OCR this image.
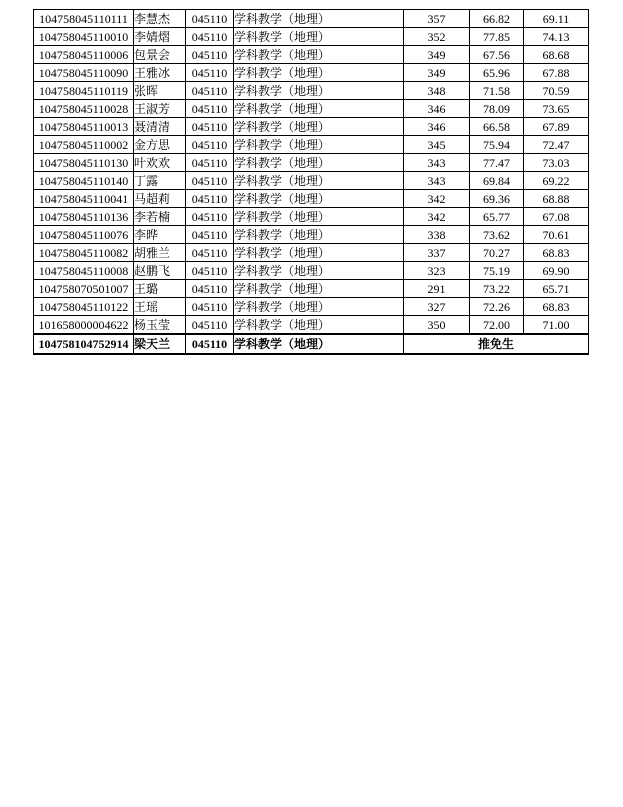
104758045110111	李慧杰	045110	学科教学（地理）	357	66.82	69.11
104758045110010	李婧熠	045110	学科教学（地理）	352	77.85	74.13
104758045110006	包景会	045110	学科教学（地理）	349	67.56	68.68
104758045110090	王雅冰	045110	学科教学（地理）	349	65.96	67.88
104758045110119	张晖	045110	学科教学（地理）	348	71.58	70.59
104758045110028	王淑芳	045110	学科教学（地理）	346	78.09	73.65
104758045110013	聂清清	045110	学科教学（地理）	346	66.58	67.89
104758045110002	金方思	045110	学科教学（地理）	345	75.94	72.47
104758045110130	叶欢欢	045110	学科教学（地理）	343	77.47	73.03
104758045110140	丁露	045110	学科教学（地理）	343	69.84	69.22
104758045110041	马超莉	045110	学科教学（地理）	342	69.36	68.88
104758045110136	李若楠	045110	学科教学（地理）	342	65.77	67.08
104758045110076	李晔	045110	学科教学（地理）	338	73.62	70.61
104758045110082	胡雅兰	045110	学科教学（地理）	337	70.27	68.83
104758045110008	赵鹏飞	045110	学科教学（地理）	323	75.19	69.90
104758070501007	王璐	045110	学科教学（地理）	291	73.22	65.71
104758045110122	王瑶	045110	学科教学（地理）	327	72.26	68.83
101658000004622	杨玉莹	045110	学科教学（地理）	350	72.00	71.00
104758104752914	梁天兰	045110	学科教学（地理）	推免生		
